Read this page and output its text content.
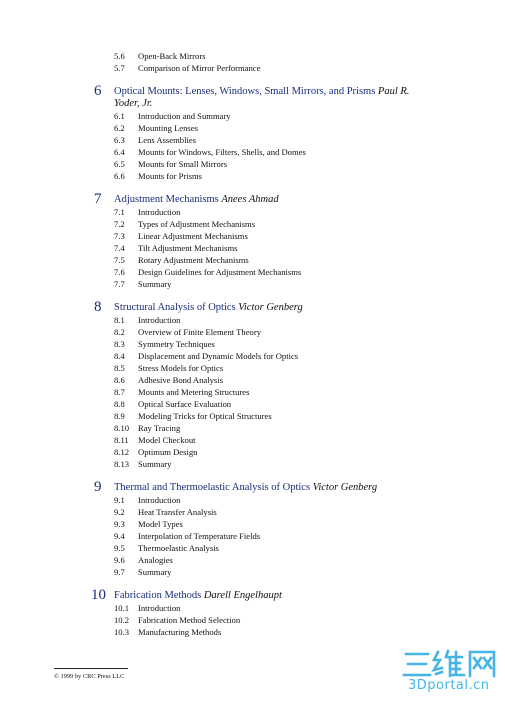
5.6 Open-Back Mirrors
5.7 Comparison of Mirror Performance
6 Optical Mounts: Lenses, Windows, Small Mirrors, and Prisms Paul R.
Yoder, Jr.
6.1 Introduction and Summary
6.2 Mounting Lenses
6.3 Lens Assemblies
6.4 Mounts for Windows, Filters, Shells, and Domes
6.5 Mounts for Small Mirrors
6.6 Mounts for Prisms
7 Adjustment Mechanisms Anees Ahmad
7.1 Introduction
7.2 Types of Adjustment Mechanisms
7.3 Linear Adjustment Mechanisms
7.4 Tilt Adjustment Mechanisms
7.5 Rotary Adjustment Mechanisms
7.6 Design Guidelines for Adjustment Mechanisms
7.7 Summary
8 Structural Analysis of Optics Victor Genberg
8.1 Introduction
8.2 Overview of Finite Element Theory
8.3 Symmetry Techniques
8.4 Displacement and Dynamic Models for Optics
8.5 Stress Models for Optics
8.6 Adhesive Bond Analysis
8.7 Mounts and Metering Structures
8.8 Optical Surface Evaluation
8.9 Modeling Tricks for Optical Structures
8.10 Ray Tracing
8.11 Model Checkout
8.12 Optimum Design
8.13 Summary
9 Thermal and Thermoelastic Analysis of Optics Victor Genberg
9.1 Introduction
9.2 Heat Transfer Analysis
9.3 Model Types
9.4 Interpolation of Temperature Fields
9.5 Thermoelastic Analysis
9.6 Analogies
9.7 Summary
10 Fabrication Methods Darell Engelhaupt
10.1 Introduction
10.2 Fabrication Method Selection
10.3 Manufacturing Methods
© 1999 by CRC Press LLC
3Dportal.cn
